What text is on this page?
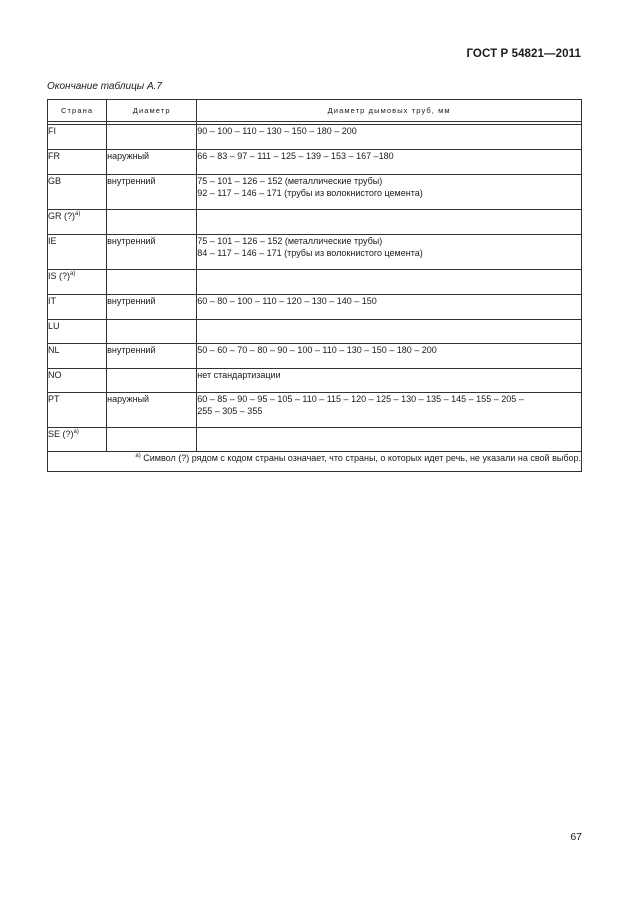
ГОСТ Р 54821—2011
Окончание таблицы А.7
Страна	Диаметр	Диаметр дымовых труб, мм

FI		90 – 100 – 110 – 130 – 150 – 180 – 200

FR	наружный	66 – 83 – 97 – 111 – 125 – 139 – 153 – 167 –180

GB	внутренний	75 – 101 – 126 – 152 (металлические трубы)
92 – 117 – 146 – 171 (трубы из волокнистого цемента)

GR (?)$^{a)}$		

IE	внутренний	75 – 101 – 126 – 152 (металлические трубы)
84 – 117 – 146 – 171 (трубы из волокнистого цемента)

IS (?)$^{a)}$		

IT	внутренний	60 – 80 – 100 – 110 – 120 – 130 – 140 – 150

LU		

NL	внутренний	50 – 60 – 70 – 80 – 90 – 100 – 110 – 130 – 150 – 180 – 200

NO		нет стандартизации

PT	наружный	60 – 85 – 90 – 95 – 105 – 110 – 115 – 120 – 125 – 130 – 135 – 145 – 155 – 205 –
255 – 305 – 355

SE (?)$^{a)}$		

$^{a)}$ Символ (?) рядом с кодом страны означает, что страны, о которых идет речь, не указали на свой выбор.		
67
